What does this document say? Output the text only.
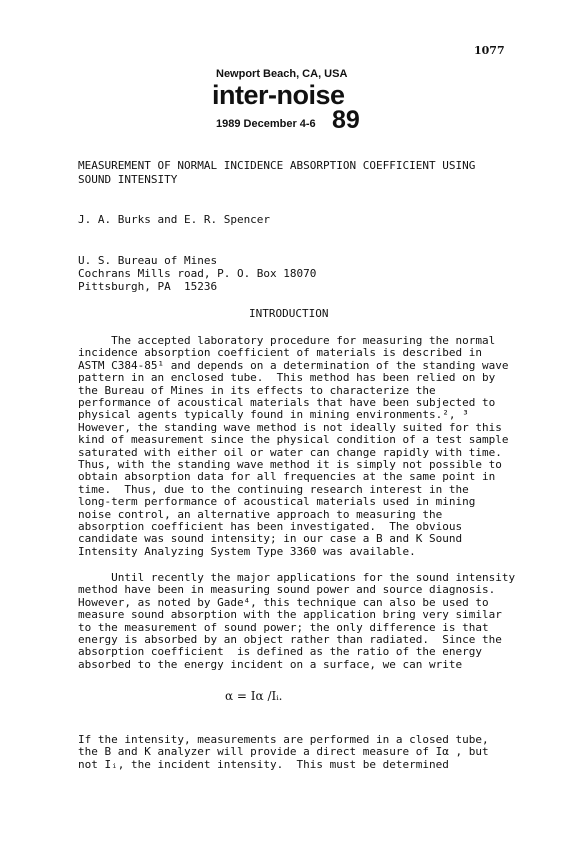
1077
Newport Beach, CA, USA
inter-noise
1989 December 4-6 89
MEASUREMENT OF NORMAL INCIDENCE ABSORPTION COEFFICIENT USING
SOUND INTENSITY
J. A. Burks and E. R. Spencer
U. S. Bureau of Mines
Cochrans Mills road, P. O. Box 18070
Pittsburgh, PA  15236
INTRODUCTION
The accepted laboratory procedure for measuring the normal
incidence absorption coefficient of materials is described in
ASTM C384-85¹ and depends on a determination of the standing wave
pattern in an enclosed tube.  This method has been relied on by
the Bureau of Mines in its effects to characterize the
performance of acoustical materials that have been subjected to
physical agents typically found in mining environments.², ³
However, the standing wave method is not ideally suited for this
kind of measurement since the physical condition of a test sample
saturated with either oil or water can change rapidly with time.
Thus, with the standing wave method it is simply not possible to
obtain absorption data for all frequencies at the same point in
time.  Thus, due to the continuing research interest in the
long-term performance of acoustical materials used in mining
noise control, an alternative approach to measuring the
absorption coefficient has been investigated.  The obvious
candidate was sound intensity; in our case a B and K Sound
Intensity Analyzing System Type 3360 was available.
Until recently the major applications for the sound intensity
method have been in measuring sound power and source diagnosis.
However, as noted by Gade⁴, this technique can also be used to
measure sound absorption with the application bring very similar
to the measurement of sound power; the only difference is that
energy is absorbed by an object rather than radiated.  Since the
absorption coefficient  is defined as the ratio of the energy
absorbed to the energy incident on a surface, we can write
α = Iα /Iᵢ.
If the intensity, measurements are performed in a closed tube,
the B and K analyzer will provide a direct measure of Iα , but
not Iᵢ, the incident intensity.  This must be determined
